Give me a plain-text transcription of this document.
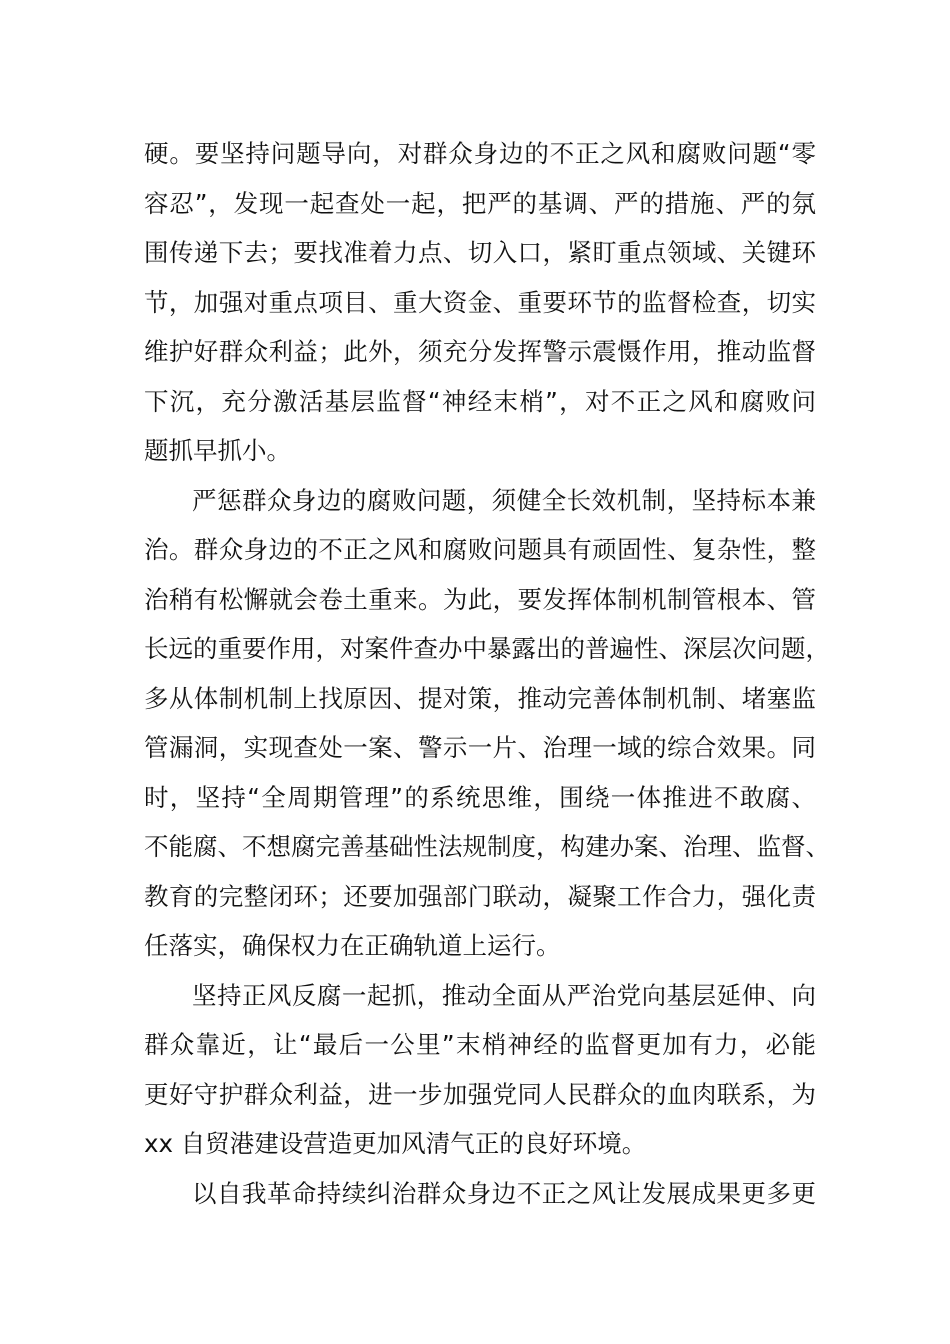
硬。要坚持问题导向，对群众身边的不正之风和腐败问题“零
容忍”，发现一起查处一起，把严的基调、严的措施、严的氛
围传递下去；要找准着力点、切入口，紧盯重点领域、关键环
节，加强对重点项目、重大资金、重要环节的监督检查，切实
维护好群众利益；此外，须充分发挥警示震慑作用，推动监督
下沉，充分激活基层监督“神经末梢”，对不正之风和腐败问
题抓早抓小。
严惩群众身边的腐败问题，须健全长效机制，坚持标本兼
治。群众身边的不正之风和腐败问题具有顽固性、复杂性，整
治稍有松懈就会卷土重来。为此，要发挥体制机制管根本、管
长远的重要作用，对案件查办中暴露出的普遍性、深层次问题，
多从体制机制上找原因、提对策，推动完善体制机制、堵塞监
管漏洞，实现查处一案、警示一片、治理一域的综合效果。同
时，坚持“全周期管理”的系统思维，围绕一体推进不敢腐、
不能腐、不想腐完善基础性法规制度，构建办案、治理、监督、
教育的完整闭环；还要加强部门联动，凝聚工作合力，强化责
任落实，确保权力在正确轨道上运行。
坚持正风反腐一起抓，推动全面从严治党向基层延伸、向
群众靠近，让“最后一公里”末梢神经的监督更加有力，必能
更好守护群众利益，进一步加强党同人民群众的血肉联系，为
xx 自贸港建设营造更加风清气正的良好环境。
以自我革命持续纠治群众身边不正之风让发展成果更多更
